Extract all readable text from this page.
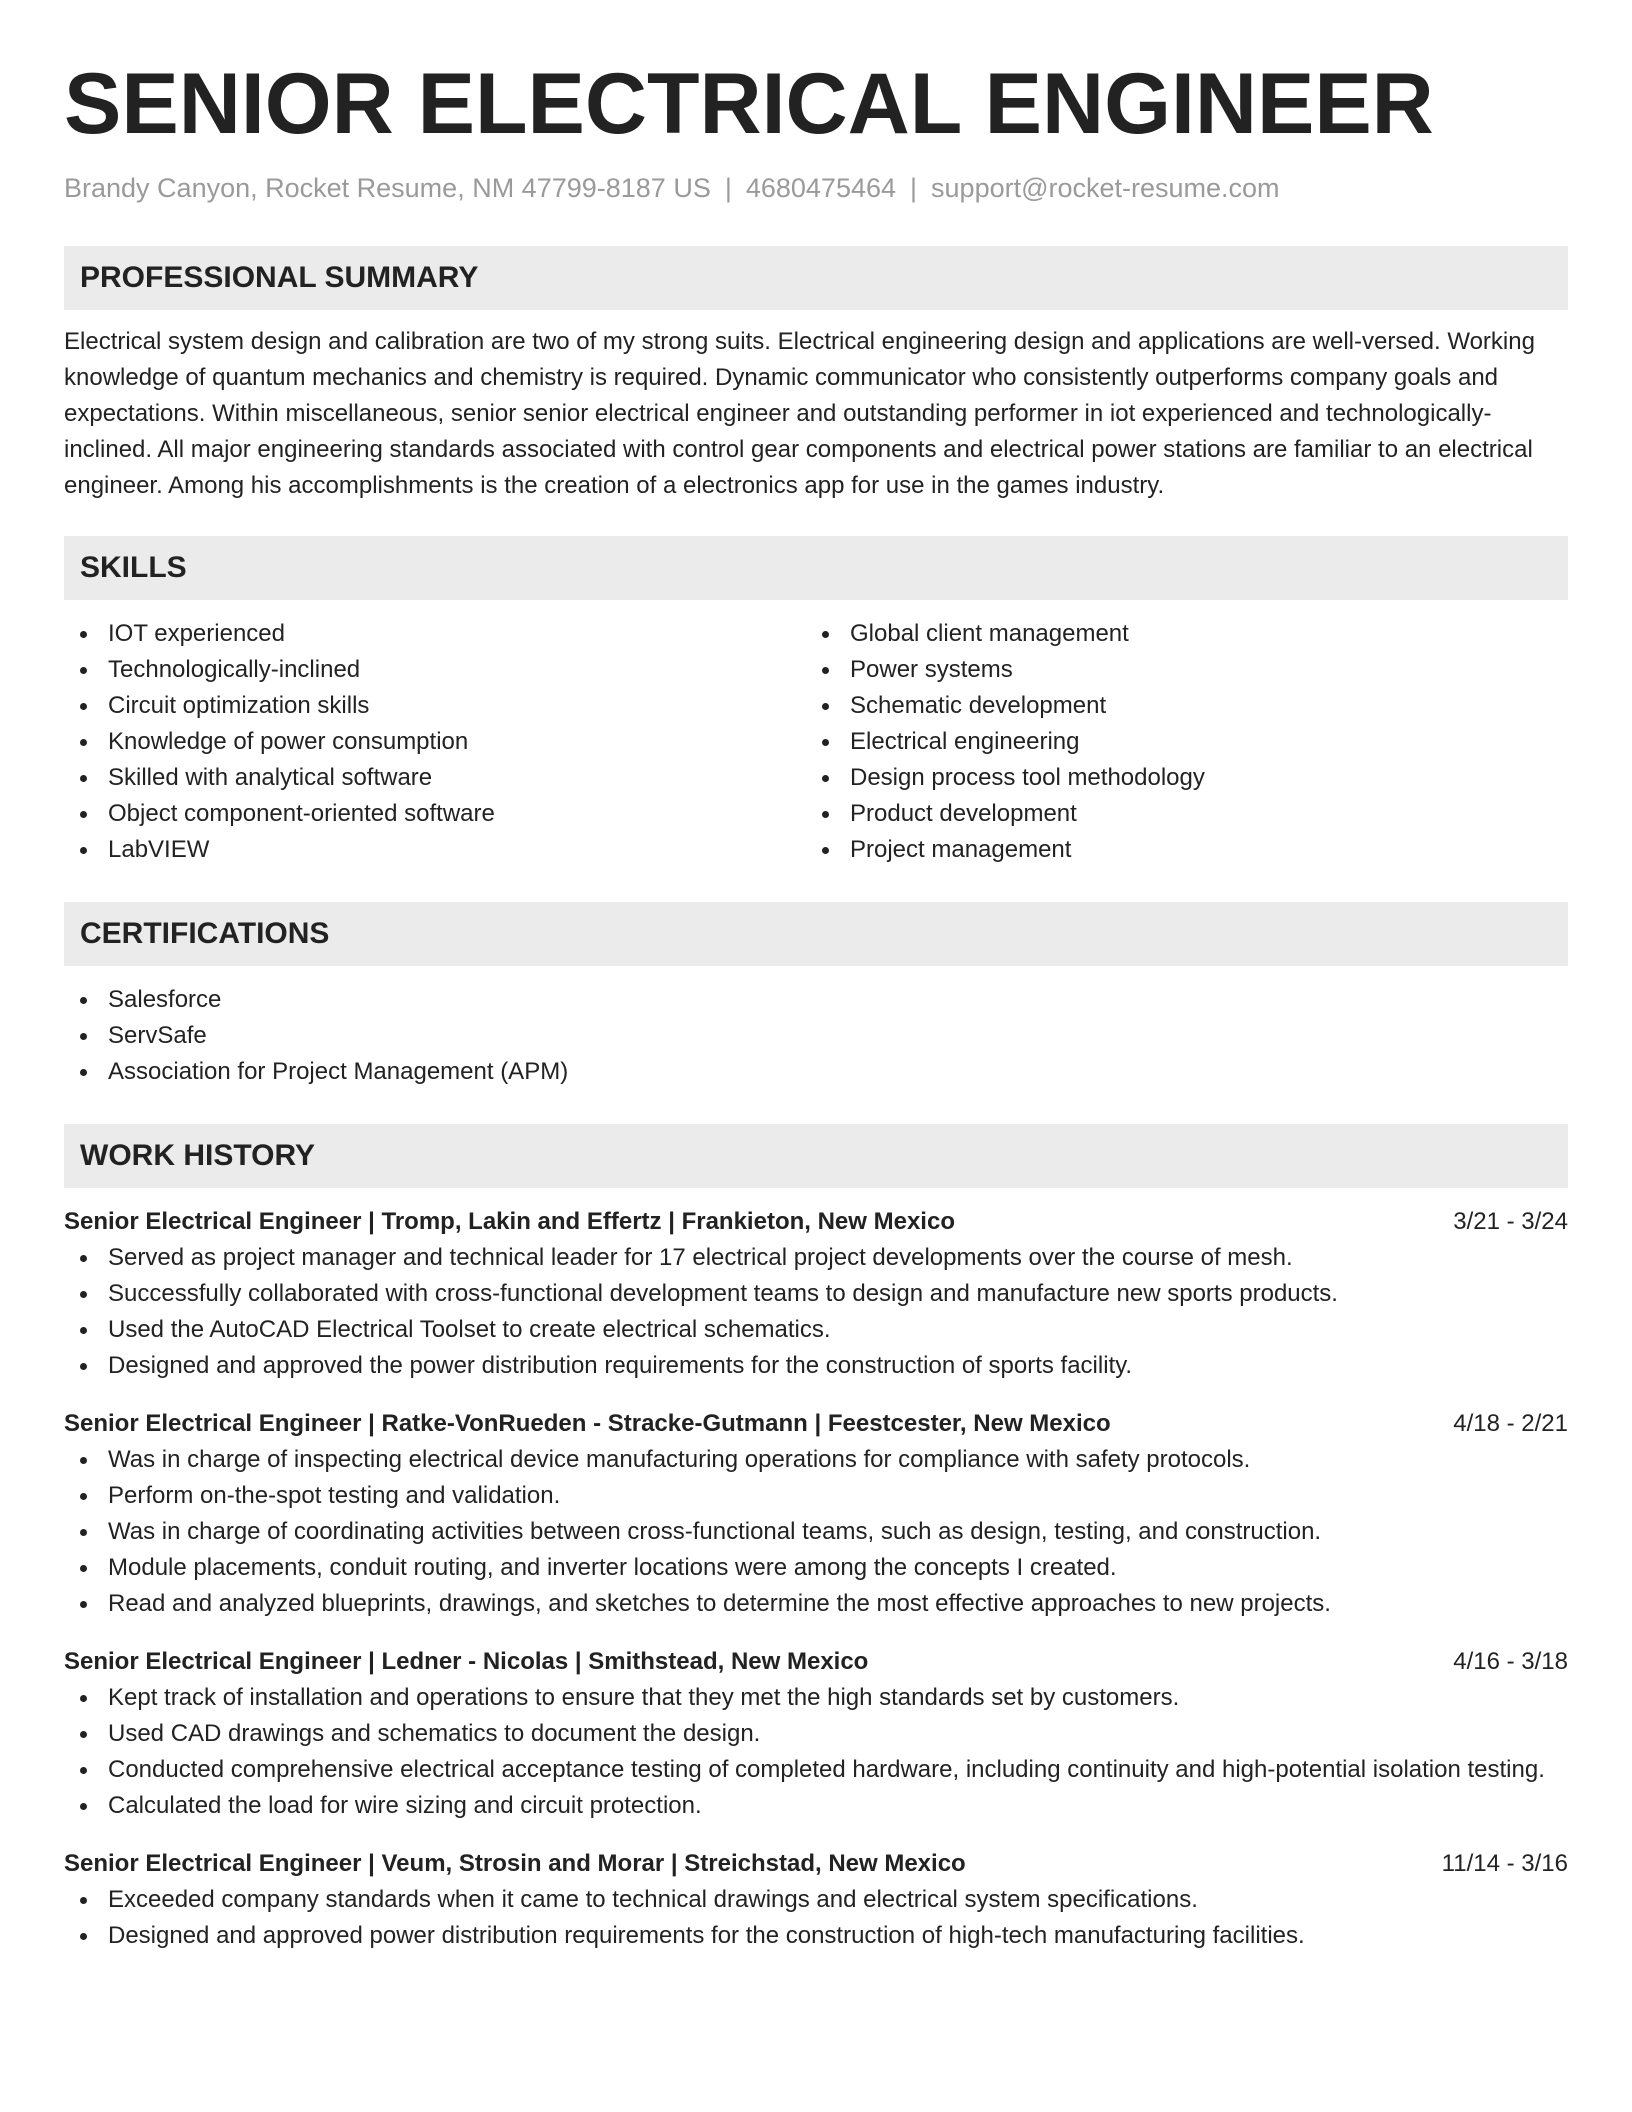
SENIOR ELECTRICAL ENGINEER
Brandy Canyon, Rocket Resume, NM 47799-8187 US | 4680475464 | support@rocket-resume.com
PROFESSIONAL SUMMARY

Electrical system design and calibration are two of my strong suits. Electrical engineering design and applications are well-versed. Working knowledge of quantum mechanics and chemistry is required. Dynamic communicator who consistently outperforms company goals and expectations. Within miscellaneous, senior senior electrical engineer and outstanding performer in iot experienced and technologically-inclined. All major engineering standards associated with control gear components and electrical power stations are familiar to an electrical engineer. Among his accomplishments is the creation of a electronics app for use in the games industry.

SKILLS
IOT experienced
Technologically-inclined
Circuit optimization skills
Knowledge of power consumption
Skilled with analytical software
Object component-oriented software
LabVIEW
Global client management
Power systems
Schematic development
Electrical engineering
Design process tool methodology
Product development
Project management
CERTIFICATIONS
Salesforce
ServSafe
Association for Project Management (APM)
WORK HISTORY
Senior Electrical Engineer | Tromp, Lakin and Effertz | Frankieton, New Mexico	3/21 - 3/24
Served as project manager and technical leader for 17 electrical project developments over the course of mesh.
Successfully collaborated with cross-functional development teams to design and manufacture new sports products.
Used the AutoCAD Electrical Toolset to create electrical schematics.
Designed and approved the power distribution requirements for the construction of sports facility.
Senior Electrical Engineer | Ratke-VonRueden - Stracke-Gutmann | Feestcester, New Mexico	4/18 - 2/21
Was in charge of inspecting electrical device manufacturing operations for compliance with safety protocols.
Perform on-the-spot testing and validation.
Was in charge of coordinating activities between cross-functional teams, such as design, testing, and construction.
Module placements, conduit routing, and inverter locations were among the concepts I created.
Read and analyzed blueprints, drawings, and sketches to determine the most effective approaches to new projects.
Senior Electrical Engineer | Ledner - Nicolas | Smithstead, New Mexico	4/16 - 3/18
Kept track of installation and operations to ensure that they met the high standards set by customers.
Used CAD drawings and schematics to document the design.
Conducted comprehensive electrical acceptance testing of completed hardware, including continuity and high-potential isolation testing.
Calculated the load for wire sizing and circuit protection.
Senior Electrical Engineer | Veum, Strosin and Morar | Streichstad, New Mexico	11/14 - 3/16
Exceeded company standards when it came to technical drawings and electrical system specifications.
Designed and approved power distribution requirements for the construction of high-tech manufacturing facilities.
